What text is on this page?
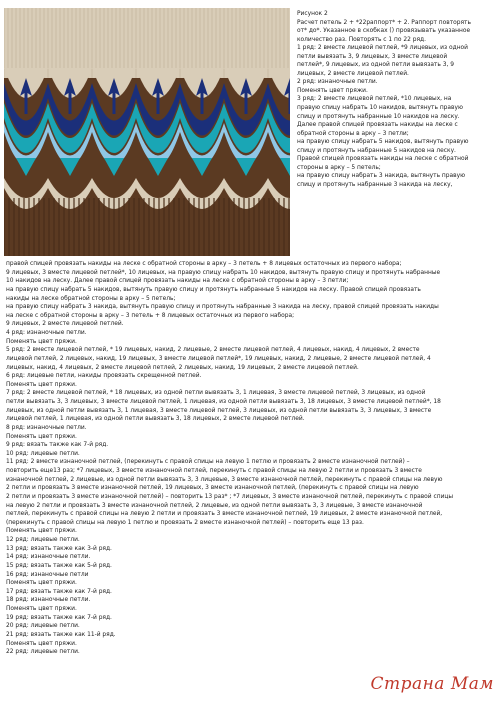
Рисунок 2
Расчет петель 2 + *22раппорт* + 2. Раппорт повторять
от* до*. Указанное в скобках () провязывать указанное
количество раз. Повторять с 1 по 22 ряд.
1 ряд: 2 вместе лицевой петлей, *9 лицевых, из одной
петли вывязать 3, 9 лицевых, 3 вместе лицевой
петлей*, 9 лицевых, из одной петли вывязать 3, 9
лицевых, 2 вместе лицевой петлей.
2 ряд: изнаночные петли.
Поменять цвет пряжи.
3 ряд: 2 вместе лицевой петлей, *10 лицевых, на
правую спицу набрать 10 накидов, вытянуть правую
спицу и протянуть набранные 10 накидов на леску.
Далее правой спицей провязать накиды на леске с
обратной стороны в арку – 3 петли;
на правую спицу набрать 5 накидов, вытянуть правую
спицу и протянуть набранные 5 накидов на леску.
Правой спицей провязать накиды на леске с обратной
стороны в арку – 5 петель;
на правую спицу набрать 3 накида, вытянуть правую
спицу и протянуть набранные 3 накида на леску,
правой спицей провязать накиды на леске с обратной стороны в арку – 3 петель + 8 лицевых остаточных из первого набора;
9 лицевых, 3 вместе лицевой петлей*, 10 лицевых, на правую спицу набрать 10 накидов, вытянуть правую спицу и протянуть набранные
10 накидов на леску. Далее правой спицей провязать накиды на леске с обратной стороны в арку – 3 петли;
на правую спицу набрать 5 накидов, вытянуть правую спицу и протянуть набранные 5 накидов на леску. Правой спицей провязать
накиды на леске обратной стороны в арку – 5 петель;
на правую спицу набрать 3 накида, вытянуть правую спицу и протянуть набранные 3 накида на леску, правой спицей провязать накиды
на леске с обратной стороны в арку – 3 петель + 8 лицевых остаточных из первого набора;
9 лицевых, 2 вместе лицевой петлей.
4 ряд: изнаночные петли.
Поменять цвет пряжи.
5 ряд: 2 вместе лицевой петлей, * 19 лицевых, накид, 2 лицевые, 2 вместе лицевой петлей, 4 лицевых, накид, 4 лицевых, 2 вместе
лицевой петлей, 2 лицевых, накид, 19 лицевых, 3 вместе лицевой петлей*, 19 лицевых, накид, 2 лицевые, 2 вместе лицевой петлей, 4
лицевых, накид, 4 лицевых, 2 вместе лицевой петлей, 2 лицевых, накид, 19 лицевых, 2 вместе лицевой петлей.
6 ряд: лицевые петли, накиды провязать скрещенной петлей.
Поменять цвет пряжи.
7 ряд: 2 вместе лицевой петлей, * 18 лицевых, из одной петли вывязать 3, 1 лицевая, 3 вместе лицевой петлей, 3 лицевых, из одной
петли вывязать 3, 3 лицевых, 3 вместе лицевой петлей, 1 лицевая, из одной петли вывязать 3, 18 лицевых, 3 вместе лицевой петлей*, 18
лицевых, из одной петли вывязать 3, 1 лицевая, 3 вместе лицевой петлей, 3 лицевых, из одной петли вывязать 3, 3 лицевых, 3 вместе
лицевой петлей, 1 лицевая, из одной петли вывязать 3, 18 лицевых, 2 вместе лицевой петлей.
8 ряд: изнаночные петли.
Поменять цвет пряжи.
9 ряд: вязать также как 7-й ряд.
10 ряд: лицевые петли.
11 ряд: 2 вместе изнаночной петлей, (перекинуть с правой спицы на левую 1 петлю и провязать 2 вместе изнаночной петлей) –
повторить еще13 раз; *7 лицевых, 3 вместе изнаночной петлей, перекинуть с правой спицы на левую 2 петли и провязать 3 вместе
изнаночной петлей, 2 лицевые, из одной петли вывязать 3, 3 лицевые, 3 вместе изнаночной петлей, перекинуть с правой спицы на левую
2 петли и провязать 3 вместе изнаночной петлей, 19 лицевых, 3 вместе изнаночной петлей, (перекинуть с правой спицы на левую
2 петли и провязать 3 вместе изнаночной петлей) – повторить 13 раз* ; *7 лицевых, 3 вместе изнаночной петлей, перекинуть с правой спицы
на левую 2 петли и провязать 3 вместе изнаночной петлей, 2 лицевые, из одной петли вывязать 3, 3 лицевые, 3 вместе изнаночной
петлей, перекинуть с правой спицы на левую 2 петли и провязать 3 вместе изнаночной петлей, 19 лицевых, 2 вместе изнаночной петлей,
(перекинуть с правой спицы на левую 1 петлю и провязать 2 вместе изнаночной петлей) – повторить еще 13 раз.
Поменять цвет пряжи.
12 ряд: лицевые петли.
13 ряд: вязать также как 3-й ряд.
14 ряд: изнаночные петли.
15 ряд: вязать также как 5-й ряд.
16 ряд: изнаночные петли
Поменять цвет пряжи.
17 ряд: вязать также как 7-й ряд.
18 ряд: изнаночные петли.
Поменять цвет пряжи.
19 ряд: вязать также как 7-й ряд.
20 ряд: лицевые петли.
21 ряд: вязать также как 11-й ряд.
Поменять цвет пряжи.
22 ряд: лицевые петли.
Страна Мам
